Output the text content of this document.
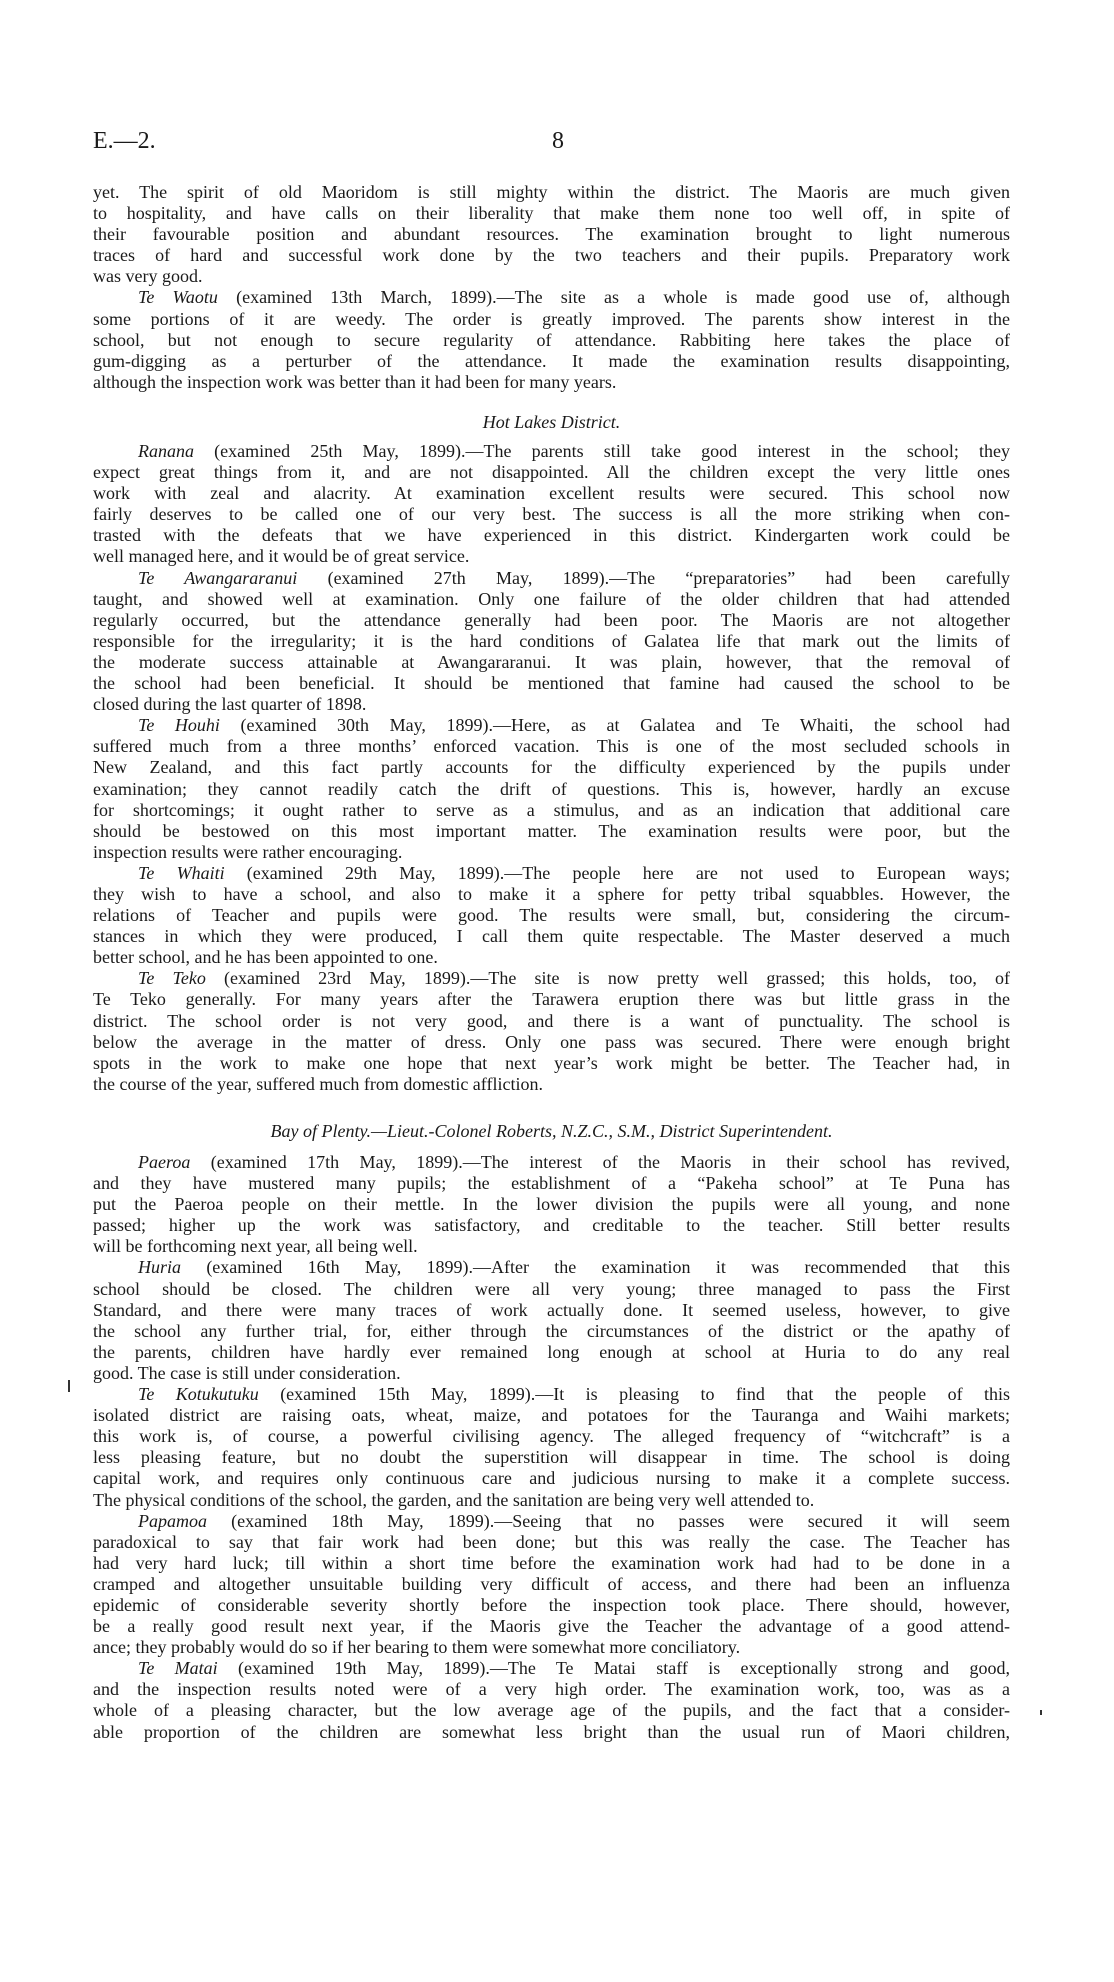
E.—2.	8
yet. The spirit of old Maoridom is still mighty within the district. The Maoris are much given
to hospitality, and have calls on their liberality that make them none too well off, in spite of
their favourable position and abundant resources. The examination brought to light numerous
traces of hard and successful work done by the two teachers and their pupils. Preparatory work
was very good.
Te Waotu (examined 13th March, 1899).—The site as a whole is made good use of, although
some portions of it are weedy. The order is greatly improved. The parents show interest in the
school, but not enough to secure regularity of attendance. Rabbiting here takes the place of
gum-digging as a perturber of the attendance. It made the examination results disappointing,
although the inspection work was better than it had been for many years.
Hot Lakes District.
Ranana (examined 25th May, 1899).—The parents still take good interest in the school; they
expect great things from it, and are not disappointed. All the children except the very little ones
work with zeal and alacrity. At examination excellent results were secured. This school now
fairly deserves to be called one of our very best. The success is all the more striking when con-
trasted with the defeats that we have experienced in this district. Kindergarten work could be
well managed here, and it would be of great service.
Te Awangararanui (examined 27th May, 1899).—The “preparatories” had been carefully
taught, and showed well at examination. Only one failure of the older children that had attended
regularly occurred, but the attendance generally had been poor. The Maoris are not altogether
responsible for the irregularity; it is the hard conditions of Galatea life that mark out the limits of
the moderate success attainable at Awangararanui. It was plain, however, that the removal of
the school had been beneficial. It should be mentioned that famine had caused the school to be
closed during the last quarter of 1898.
Te Houhi (examined 30th May, 1899).—Here, as at Galatea and Te Whaiti, the school had
suffered much from a three months’ enforced vacation. This is one of the most secluded schools in
New Zealand, and this fact partly accounts for the difficulty experienced by the pupils under
examination; they cannot readily catch the drift of questions. This is, however, hardly an excuse
for shortcomings; it ought rather to serve as a stimulus, and as an indication that additional care
should be bestowed on this most important matter. The examination results were poor, but the
inspection results were rather encouraging.
Te Whaiti (examined 29th May, 1899).—The people here are not used to European ways;
they wish to have a school, and also to make it a sphere for petty tribal squabbles. However, the
relations of Teacher and pupils were good. The results were small, but, considering the circum-
stances in which they were produced, I call them quite respectable. The Master deserved a much
better school, and he has been appointed to one.
Te Teko (examined 23rd May, 1899).—The site is now pretty well grassed; this holds, too, of
Te Teko generally. For many years after the Tarawera eruption there was but little grass in the
district. The school order is not very good, and there is a want of punctuality. The school is
below the average in the matter of dress. Only one pass was secured. There were enough bright
spots in the work to make one hope that next year’s work might be better. The Teacher had, in
the course of the year, suffered much from domestic affliction.
Bay of Plenty.—Lieut.-Colonel Roberts, N.Z.C., S.M., District Superintendent.
Paeroa (examined 17th May, 1899).—The interest of the Maoris in their school has revived,
and they have mustered many pupils; the establishment of a “Pakeha school” at Te Puna has
put the Paeroa people on their mettle. In the lower division the pupils were all young, and none
passed; higher up the work was satisfactory, and creditable to the teacher. Still better results
will be forthcoming next year, all being well.
Huria (examined 16th May, 1899).—After the examination it was recommended that this
school should be closed. The children were all very young; three managed to pass the First
Standard, and there were many traces of work actually done. It seemed useless, however, to give
the school any further trial, for, either through the circumstances of the district or the apathy of
the parents, children have hardly ever remained long enough at school at Huria to do any real
good. The case is still under consideration.
Te Kotukutuku (examined 15th May, 1899).—It is pleasing to find that the people of this
isolated district are raising oats, wheat, maize, and potatoes for the Tauranga and Waihi markets;
this work is, of course, a powerful civilising agency. The alleged frequency of “witchcraft” is a
less pleasing feature, but no doubt the superstition will disappear in time. The school is doing
capital work, and requires only continuous care and judicious nursing to make it a complete success.
The physical conditions of the school, the garden, and the sanitation are being very well attended to.
Papamoa (examined 18th May, 1899).—Seeing that no passes were secured it will seem
paradoxical to say that fair work had been done; but this was really the case. The Teacher has
had very hard luck; till within a short time before the examination work had had to be done in a
cramped and altogether unsuitable building very difficult of access, and there had been an influenza
epidemic of considerable severity shortly before the inspection took place. There should, however,
be a really good result next year, if the Maoris give the Teacher the advantage of a good attend-
ance; they probably would do so if her bearing to them were somewhat more conciliatory.
Te Matai (examined 19th May, 1899).—The Te Matai staff is exceptionally strong and good,
and the inspection results noted were of a very high order. The examination work, too, was as a
whole of a pleasing character, but the low average age of the pupils, and the fact that a consider-
able proportion of the children are somewhat less bright than the usual run of Maori children,
